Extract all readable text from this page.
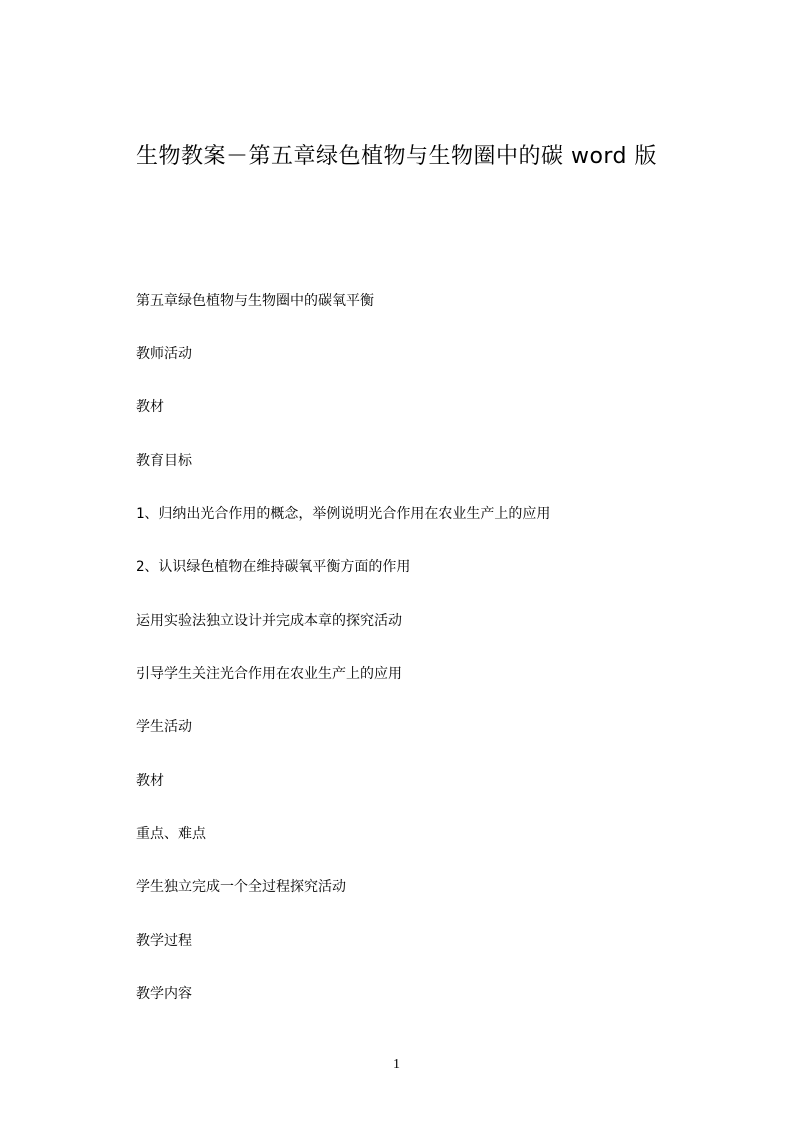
生物教案－第五章绿色植物与生物圈中的碳 word 版
第五章绿色植物与生物圈中的碳氧平衡
教师活动
教材
教育目标
1、归纳出光合作用的概念，举例说明光合作用在农业生产上的应用
2、认识绿色植物在维持碳氧平衡方面的作用
运用实验法独立设计并完成本章的探究活动
引导学生关注光合作用在农业生产上的应用
学生活动
教材
重点、难点
学生独立完成一个全过程探究活动
教学过程
教学内容
1
